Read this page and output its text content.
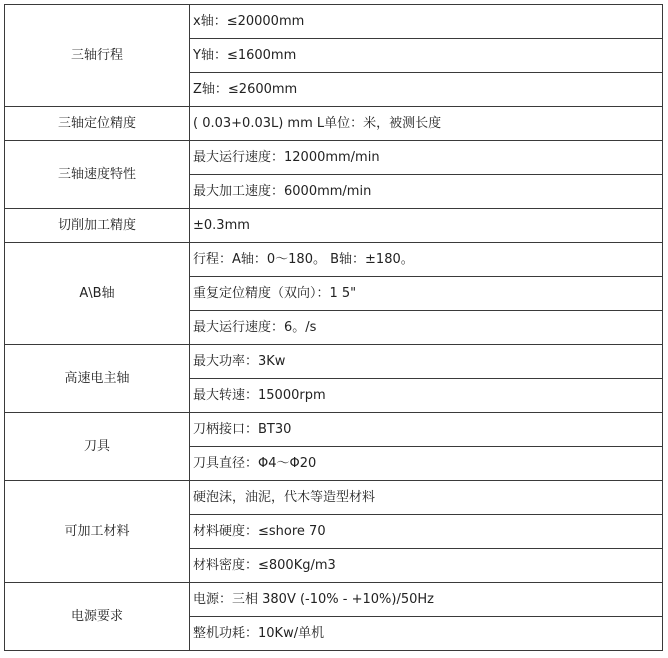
三轴行程	x轴：≤20000mm
	Y轴：≤1600mm
	Z轴：≤2600mm
三轴定位精度	( 0.03+0.03L) mm L单位：米，被测长度
三轴速度特性	最大运行速度：12000mm/min
	最大加工速度：6000mm/min
切削加工精度	±0.3mm
A\B轴	行程：A轴：0～180。 B轴：±180。
	重复定位精度（双向）：1 5"
	最大运行速度：6。/s
高速电主轴	最大功率：3Kw
	最大转速：15000rpm
刀具	刀柄接口：BT30
	刀具直径：Φ4～Φ20
可加工材料	硬泡沫，油泥，代木等造型材料
	材料硬度：≤shore 70
	材料密度：≤800Kg/m3
电源要求	电源：三相 380V (-10% - +10%)/50Hz
	整机功耗：10Kw/单机
